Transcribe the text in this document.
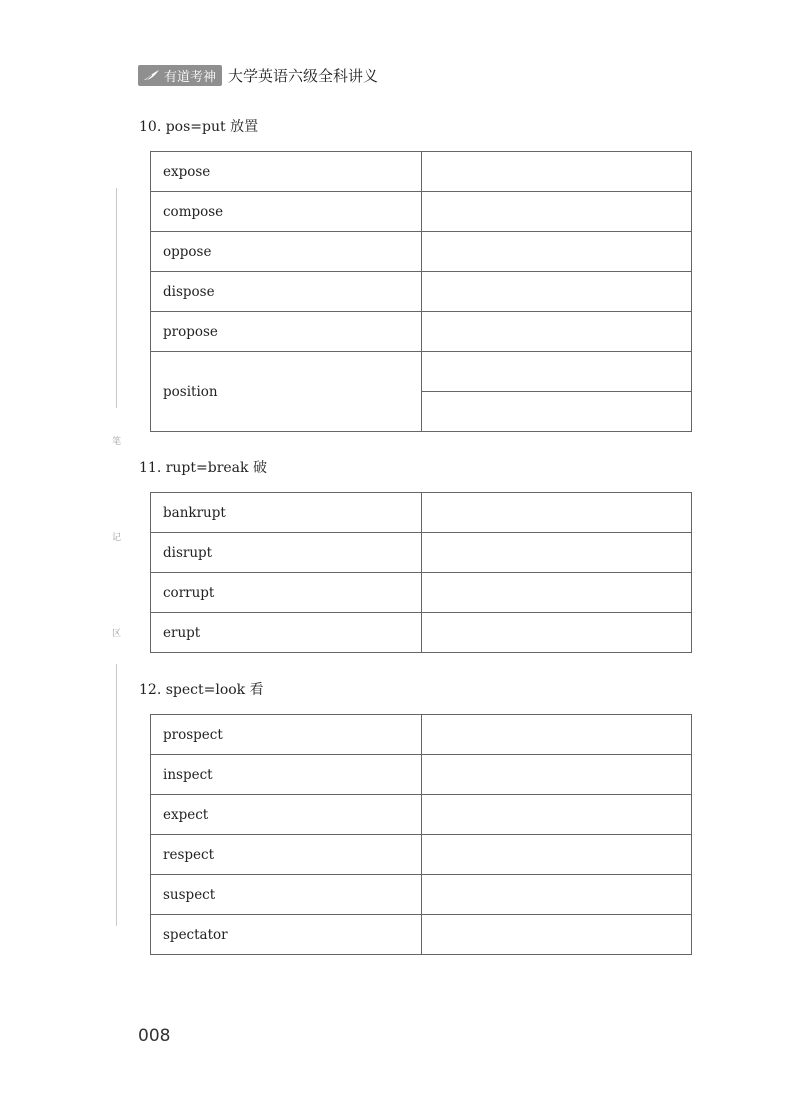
有道考神 大学英语六级全科讲义
笔
记
区
10. pos=put 放置
expose	
compose	
oppose	
dispose	
propose	
position	

11. rupt=break 破
bankrupt	
disrupt	
corrupt	
erupt	
12. spect=look 看
prospect	
inspect	
expect	
respect	
suspect	
spectator	
008
